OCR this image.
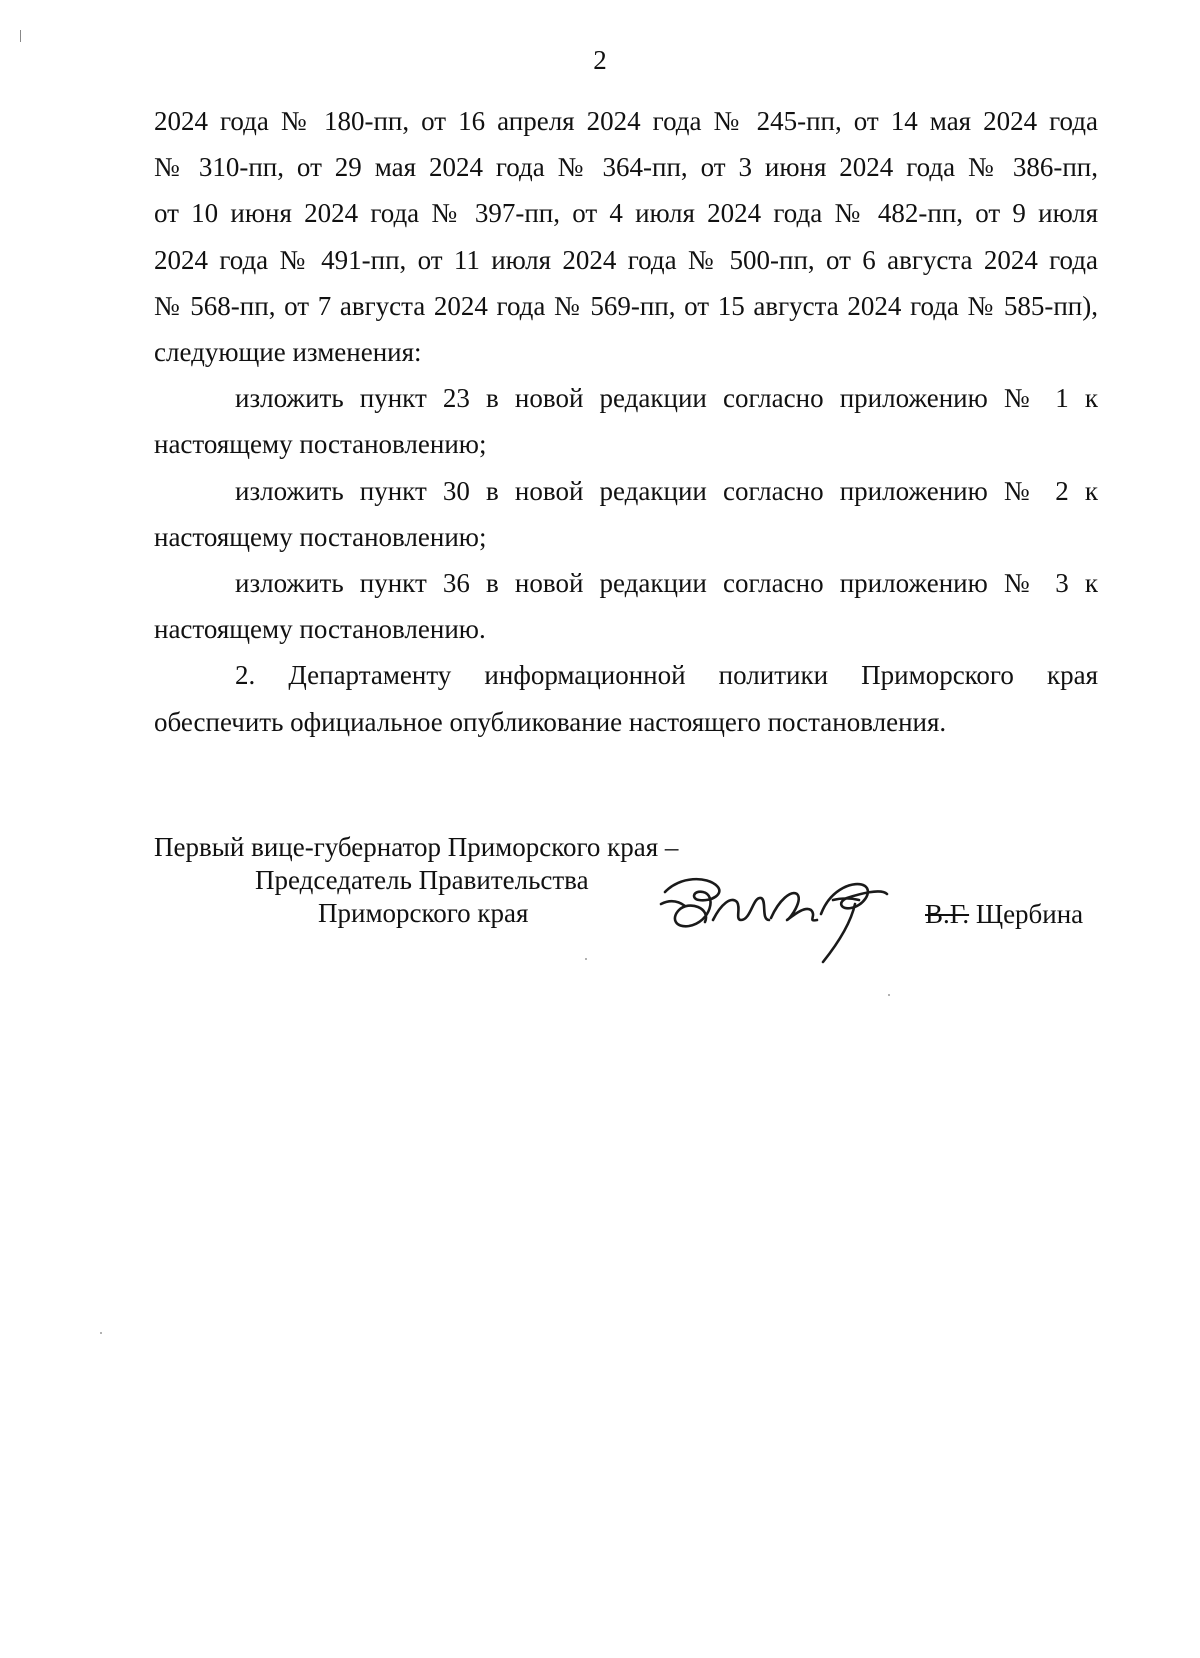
2
2024 года № 180-пп, от 16 апреля 2024 года № 245-пп, от 14 мая 2024 года
№ 310-пп, от 29 мая 2024 года № 364-пп, от 3 июня 2024 года № 386-пп,
от 10 июня 2024 года № 397-пп, от 4 июля 2024 года № 482-пп, от 9 июля
2024 года № 491-пп, от 11 июля 2024 года № 500-пп, от 6 августа 2024 года
№ 568-пп, от 7 августа 2024 года № 569-пп, от 15 августа 2024 года № 585-пп),
следующие изменения:
изложить пункт 23 в новой редакции согласно приложению № 1 к
настоящему постановлению;
изложить пункт 30 в новой редакции согласно приложению № 2 к
настоящему постановлению;
изложить пункт 36 в новой редакции согласно приложению № 3 к
настоящему постановлению.
2. Департаменту информационной политики Приморского края
обеспечить официальное опубликование настоящего постановления.
Первый вице-губернатор Приморского края –
Председатель Правительства
Приморского края	В.Г. Щербина
